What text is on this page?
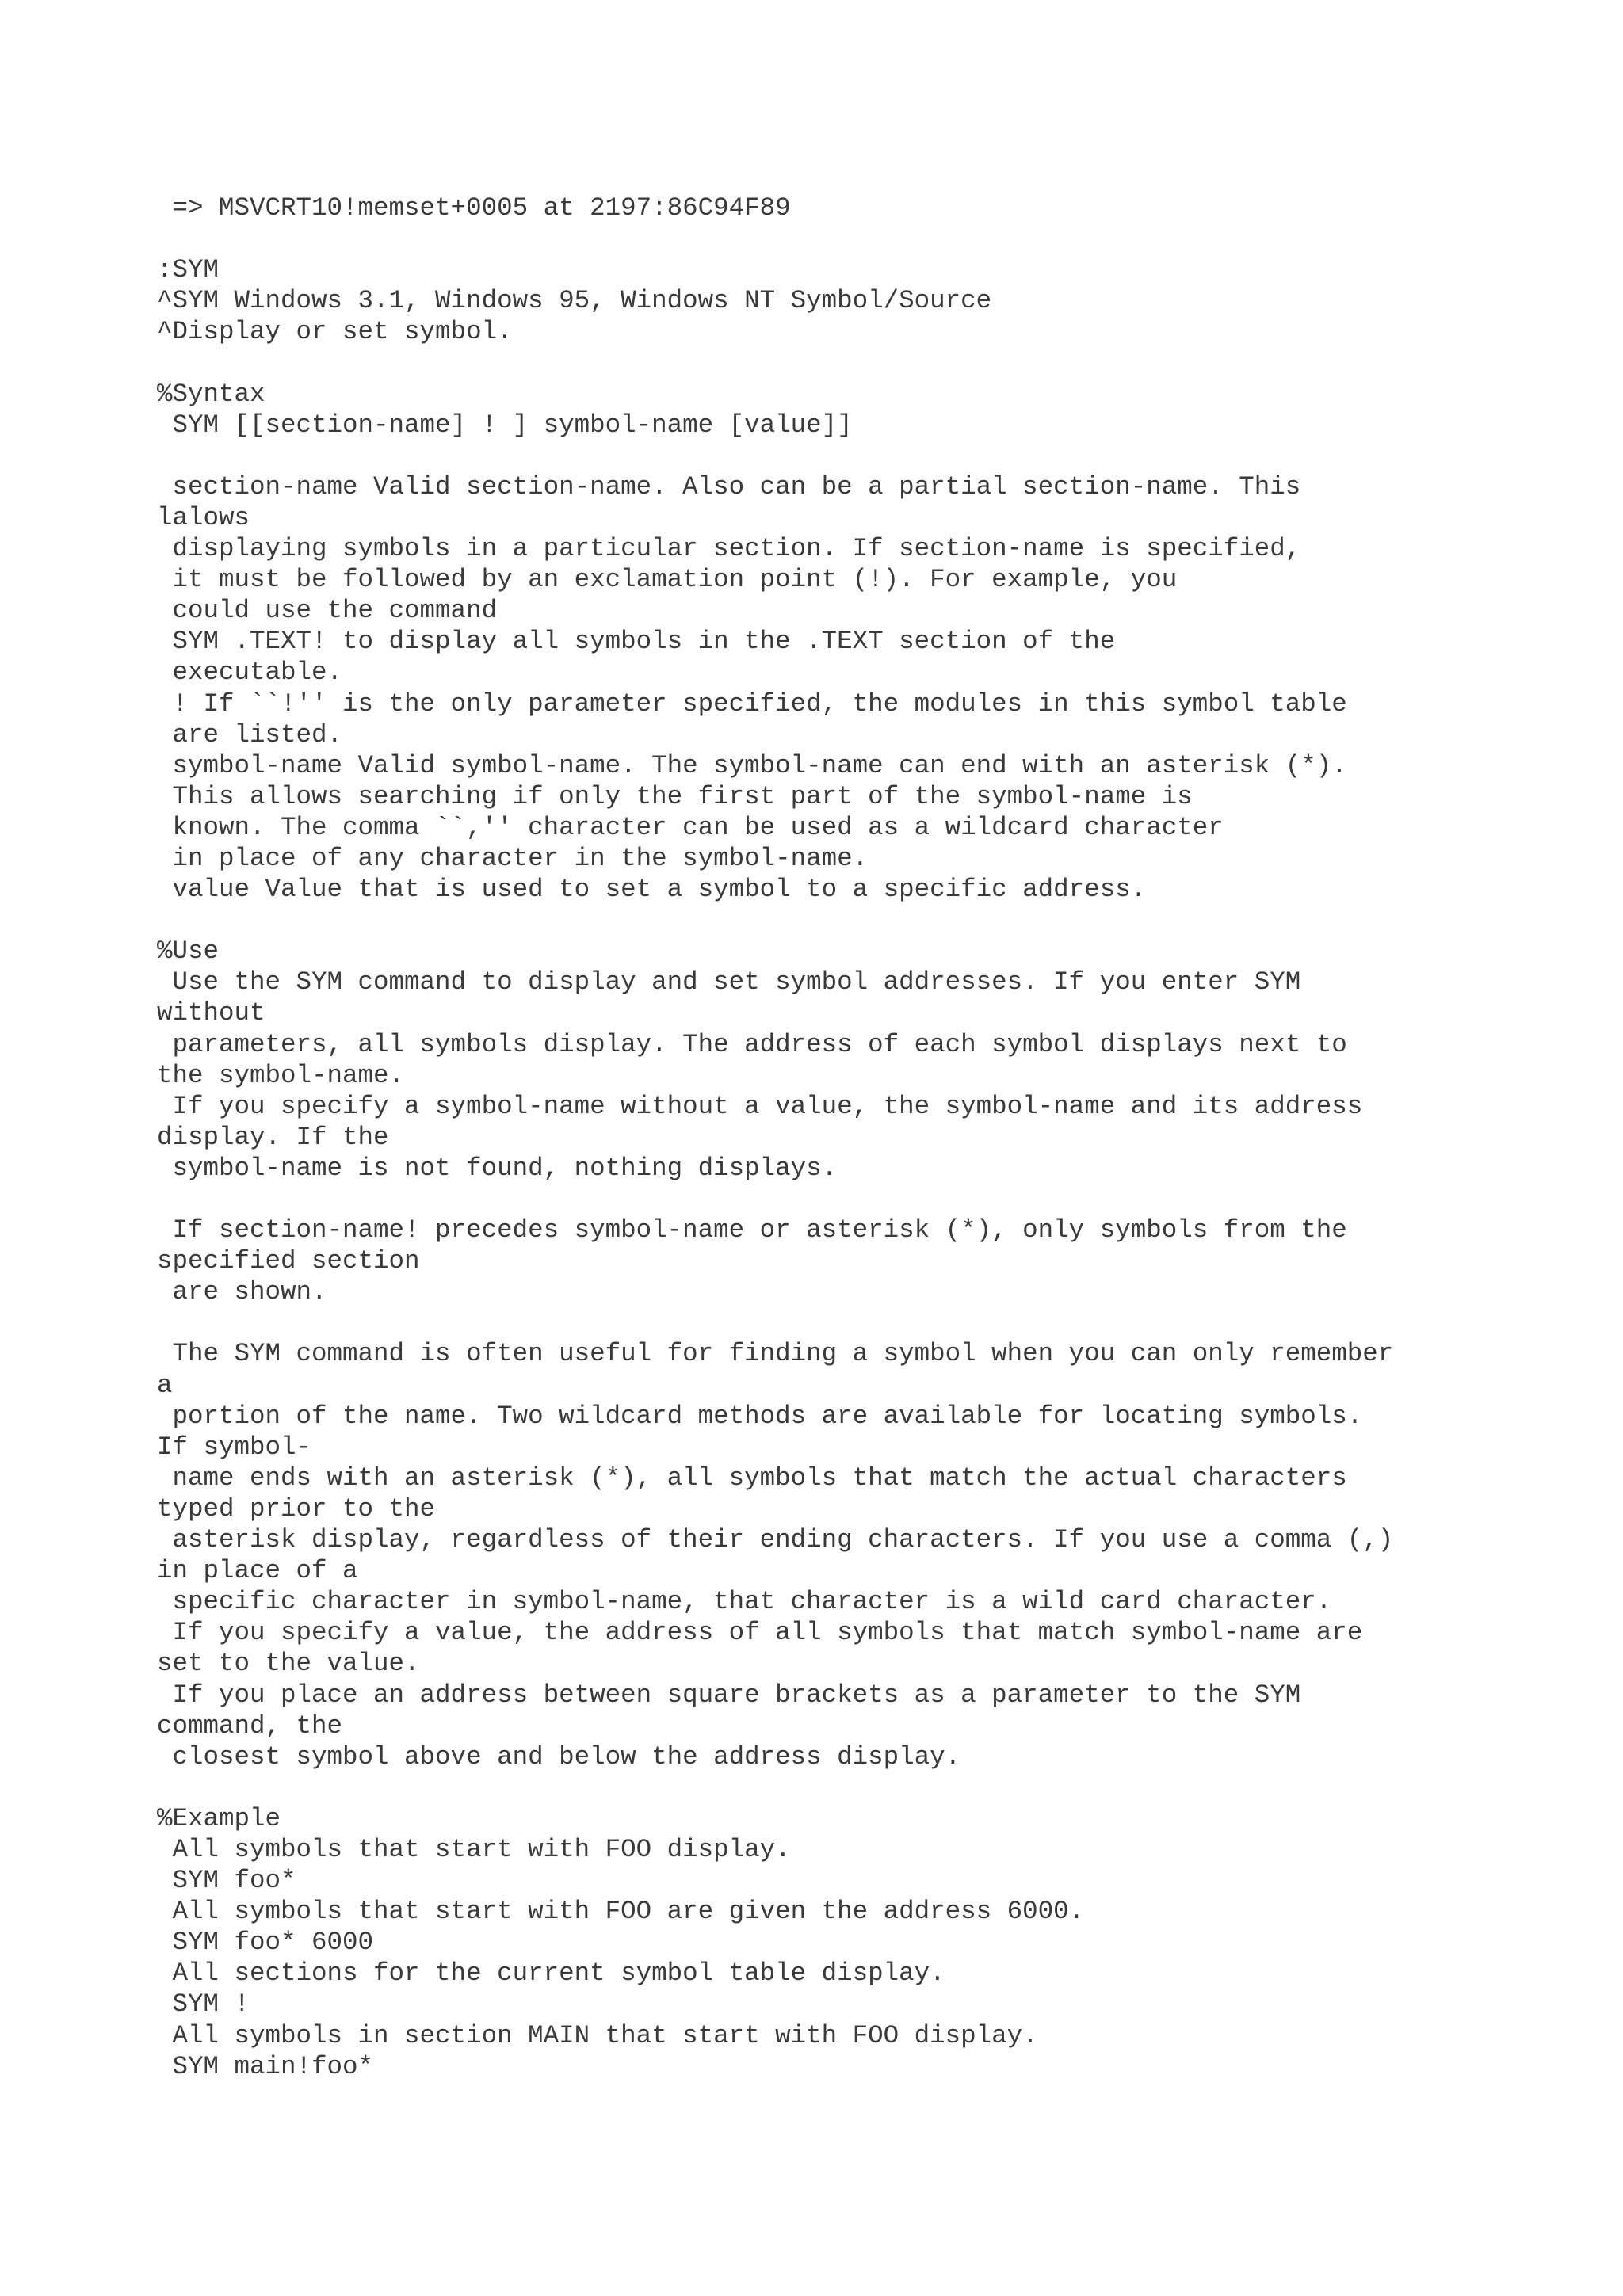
=> MSVCRT10!memset+0005 at 2197:86C94F89
:SYM
^SYM Windows 3.1, Windows 95, Windows NT Symbol/Source
^Display or set symbol.
%Syntax
SYM [[section-name] ! ] symbol-name [value]]
section-name Valid section-name. Also can be a partial section-name. This
lalows
displaying symbols in a particular section. If section-name is specified,
it must be followed by an exclamation point (!). For example, you
could use the command
SYM .TEXT! to display all symbols in the .TEXT section of the
executable.
! If ``!'' is the only parameter specified, the modules in this symbol table
are listed.
symbol-name Valid symbol-name. The symbol-name can end with an asterisk (*).
This allows searching if only the first part of the symbol-name is
known. The comma ``,'' character can be used as a wildcard character
in place of any character in the symbol-name.
value Value that is used to set a symbol to a specific address.
%Use
Use the SYM command to display and set symbol addresses. If you enter SYM
without
parameters, all symbols display. The address of each symbol displays next to
the symbol-name.
If you specify a symbol-name without a value, the symbol-name and its address
display. If the
symbol-name is not found, nothing displays.
If section-name! precedes symbol-name or asterisk (*), only symbols from the
specified section
are shown.
The SYM command is often useful for finding a symbol when you can only remember
a
portion of the name. Two wildcard methods are available for locating symbols.
If symbol-
name ends with an asterisk (*), all symbols that match the actual characters
typed prior to the
asterisk display, regardless of their ending characters. If you use a comma (,)
in place of a
specific character in symbol-name, that character is a wild card character.
If you specify a value, the address of all symbols that match symbol-name are
set to the value.
If you place an address between square brackets as a parameter to the SYM
command, the
closest symbol above and below the address display.
%Example
All symbols that start with FOO display.
SYM foo*
All symbols that start with FOO are given the address 6000.
SYM foo* 6000
All sections for the current symbol table display.
SYM !
All symbols in section MAIN that start with FOO display.
SYM main!foo*
